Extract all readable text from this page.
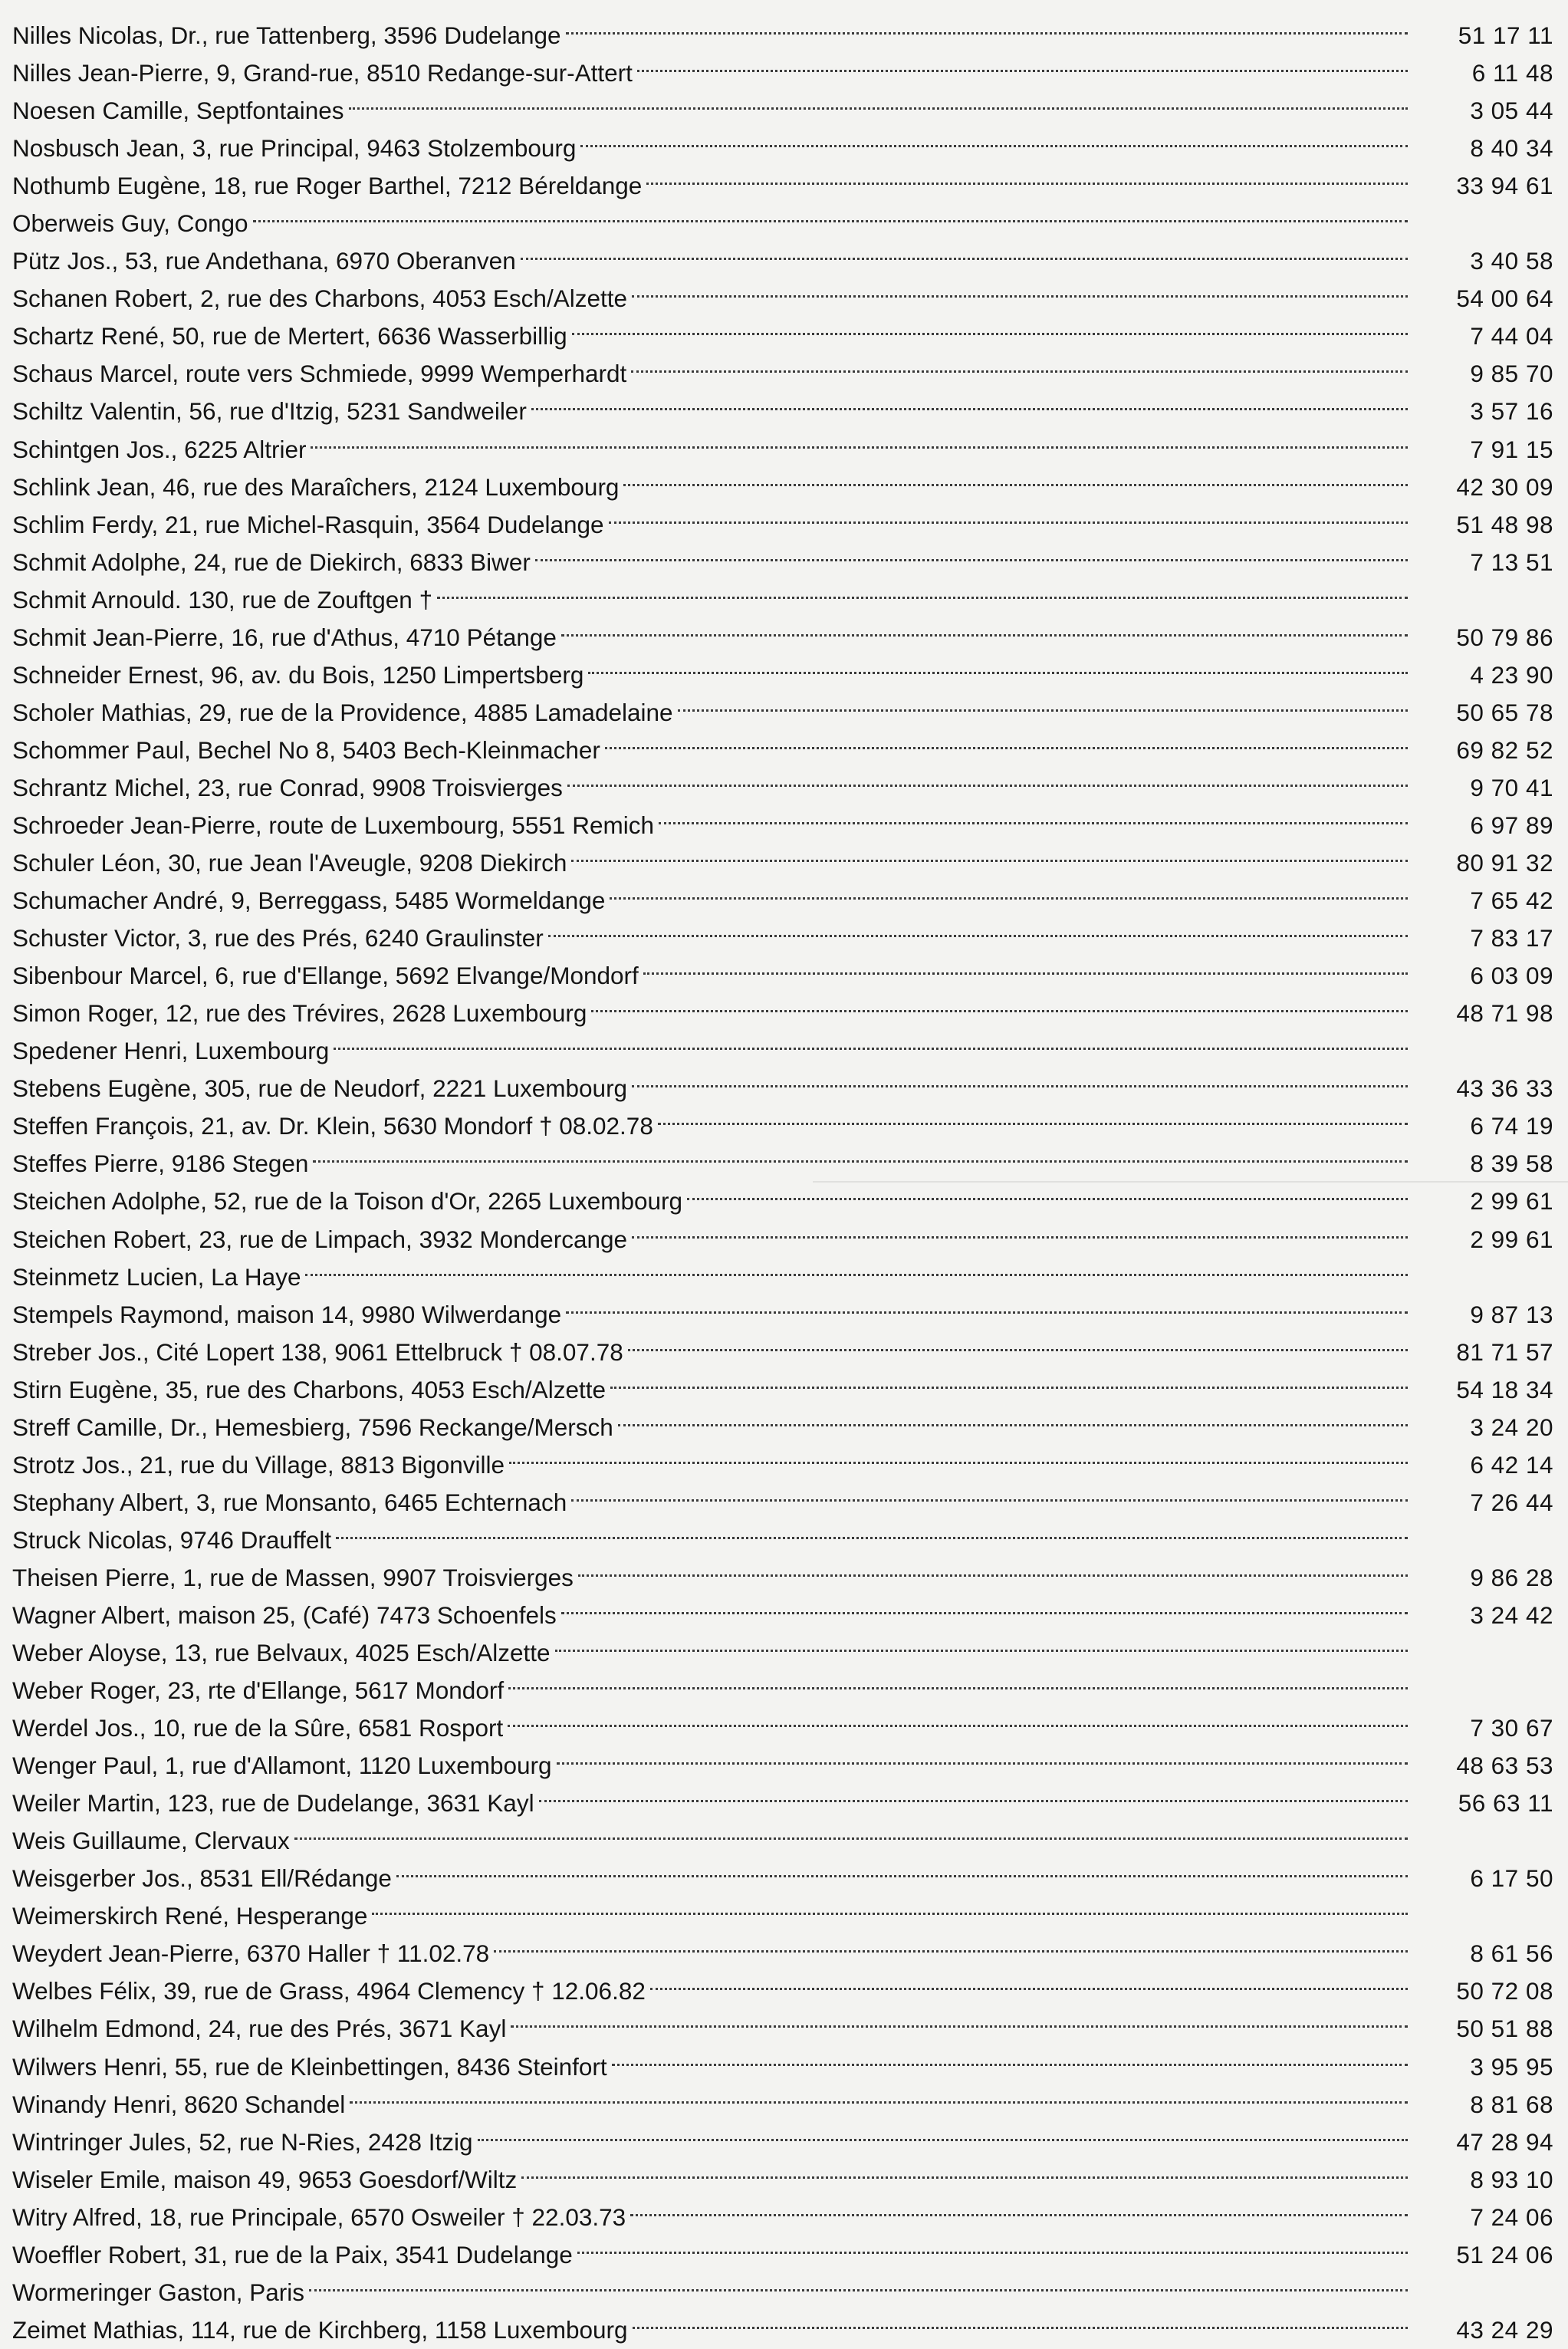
Nilles Nicolas, Dr., rue Tattenberg, 3596 Dudelange	51 17 11
Nilles Jean-Pierre, 9, Grand-rue, 8510 Redange-sur-Attert	6 11 48
Noesen Camille, Septfontaines	3 05 44
Nosbusch Jean, 3, rue Principal, 9463 Stolzembourg	8 40 34
Nothumb Eugène, 18, rue Roger Barthel, 7212 Béreldange	33 94 61
Oberweis Guy, Congo
Pütz Jos., 53, rue Andethana, 6970 Oberanven	3 40 58
Schanen Robert, 2, rue des Charbons, 4053 Esch/Alzette	54 00 64
Schartz René, 50, rue de Mertert, 6636 Wasserbillig	7 44 04
Schaus Marcel, route vers Schmiede, 9999 Wemperhardt	9 85 70
Schiltz Valentin, 56, rue d'Itzig, 5231 Sandweiler	3 57 16
Schintgen Jos., 6225 Altrier	7 91 15
Schlink Jean, 46, rue des Maraîchers, 2124 Luxembourg	42 30 09
Schlim Ferdy, 21, rue Michel-Rasquin, 3564 Dudelange	51 48 98
Schmit Adolphe, 24, rue de Diekirch, 6833 Biwer	7 13 51
Schmit Arnould. 130, rue de Zouftgen †
Schmit Jean-Pierre, 16, rue d'Athus, 4710 Pétange	50 79 86
Schneider Ernest, 96, av. du Bois, 1250 Limpertsberg	4 23 90
Scholer Mathias, 29, rue de la Providence, 4885 Lamadelaine	50 65 78
Schommer Paul, Bechel No 8, 5403 Bech-Kleinmacher	69 82 52
Schrantz Michel, 23, rue Conrad, 9908 Troisvierges	9 70 41
Schroeder Jean-Pierre, route de Luxembourg, 5551 Remich	6 97 89
Schuler Léon, 30, rue Jean l'Aveugle, 9208 Diekirch	80 91 32
Schumacher André, 9, Berreggass, 5485 Wormeldange	7 65 42
Schuster Victor, 3, rue des Prés, 6240 Graulinster	7 83 17
Sibenbour Marcel, 6, rue d'Ellange, 5692 Elvange/Mondorf	6 03 09
Simon Roger, 12, rue des Trévires, 2628 Luxembourg	48 71 98
Spedener Henri, Luxembourg
Stebens Eugène, 305, rue de Neudorf, 2221 Luxembourg	43 36 33
Steffen François, 21, av. Dr. Klein, 5630 Mondorf † 08.02.78	6 74 19
Steffes Pierre, 9186 Stegen	8 39 58
Steichen Adolphe, 52, rue de la Toison d'Or, 2265 Luxembourg	2 99 61
Steichen Robert, 23, rue de Limpach, 3932 Mondercange	2 99 61
Steinmetz Lucien, La Haye
Stempels Raymond, maison 14, 9980 Wilwerdange	9 87 13
Streber Jos., Cité Lopert 138, 9061 Ettelbruck † 08.07.78	81 71 57
Stirn Eugène, 35, rue des Charbons, 4053 Esch/Alzette	54 18 34
Streff Camille, Dr., Hemesbierg, 7596 Reckange/Mersch	3 24 20
Strotz Jos., 21, rue du Village, 8813 Bigonville	6 42 14
Stephany Albert, 3, rue Monsanto, 6465 Echternach	7 26 44
Struck Nicolas, 9746 Drauffelt
Theisen Pierre, 1, rue de Massen, 9907 Troisvierges	9 86 28
Wagner Albert, maison 25, (Café) 7473 Schoenfels	3 24 42
Weber Aloyse, 13, rue Belvaux, 4025 Esch/Alzette
Weber Roger, 23, rte d'Ellange, 5617 Mondorf
Werdel Jos., 10, rue de la Sûre, 6581 Rosport	7 30 67
Wenger Paul, 1, rue d'Allamont, 1120 Luxembourg	48 63 53
Weiler Martin, 123, rue de Dudelange, 3631 Kayl	56 63 11
Weis Guillaume, Clervaux
Weisgerber Jos., 8531 Ell/Rédange	6 17 50
Weimerskirch René, Hesperange
Weydert Jean-Pierre, 6370 Haller † 11.02.78	8 61 56
Welbes Félix, 39, rue de Grass, 4964 Clemency † 12.06.82	50 72 08
Wilhelm Edmond, 24, rue des Prés, 3671 Kayl	50 51 88
Wilwers Henri, 55, rue de Kleinbettingen, 8436 Steinfort	3 95 95
Winandy Henri, 8620 Schandel	8 81 68
Wintringer Jules, 52, rue N-Ries, 2428 Itzig	47 28 94
Wiseler Emile, maison 49, 9653 Goesdorf/Wiltz	8 93 10
Witry Alfred, 18, rue Principale, 6570 Osweiler † 22.03.73	7 24 06
Woeffler Robert, 31, rue de la Paix, 3541 Dudelange	51 24 06
Wormeringer Gaston, Paris
Zeimet Mathias, 114, rue de Kirchberg, 1158 Luxembourg	43 24 29
